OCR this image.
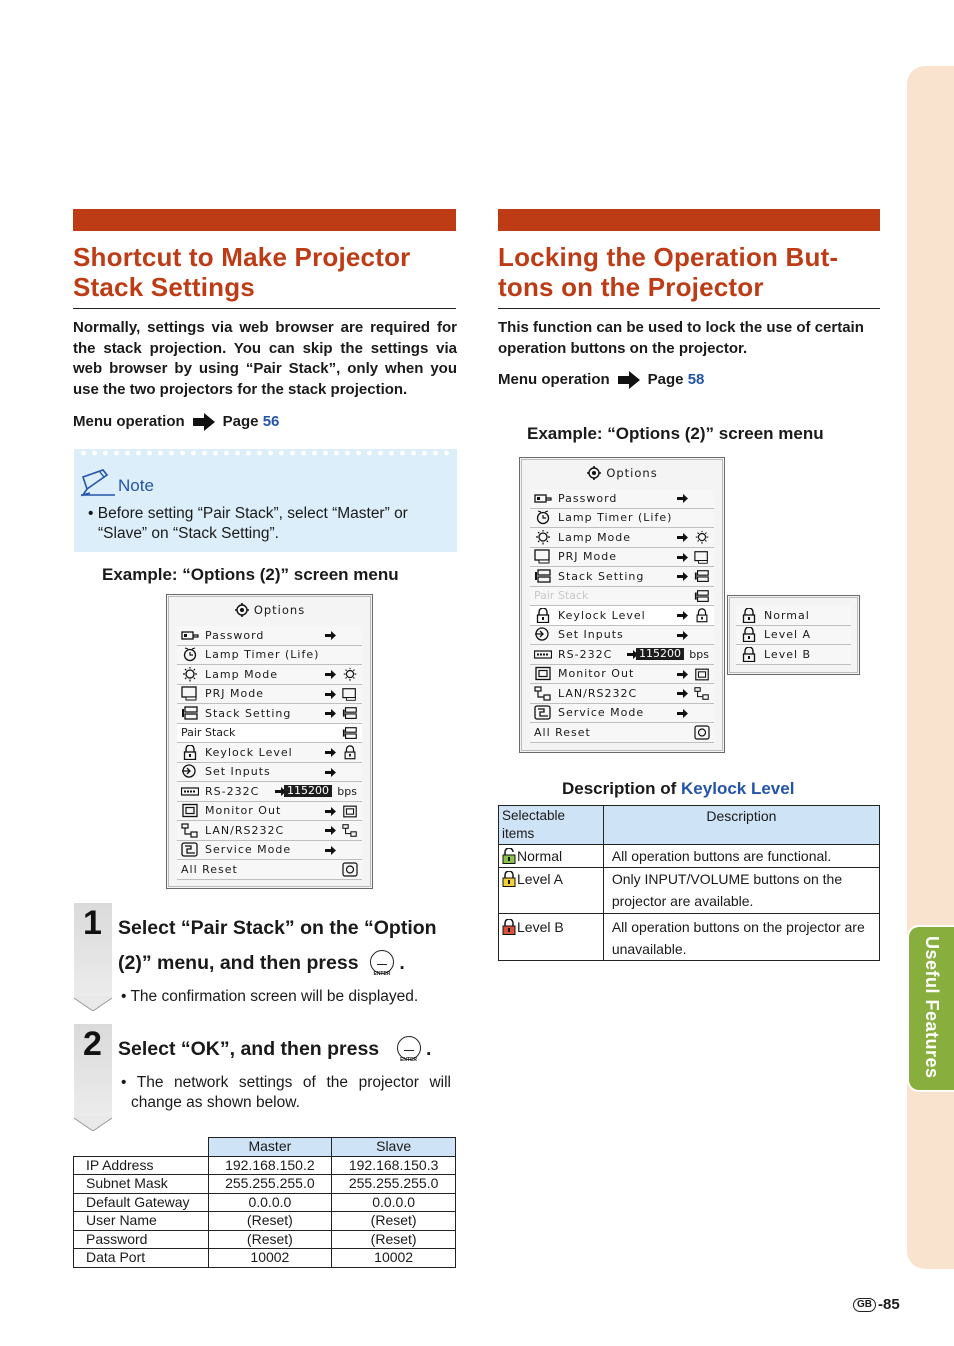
Shortcut to Make Projector
Stack Settings
Normally, settings via web browser are required for the stack projection. You can skip the settings via web browser by using “Pair Stack”, only when you use the two projectors for the stack projection.
Menu operation	Page
56
Note
• Before setting “Pair Stack”, select “Master” or “Slave” on “Stack Setting”.
Example: “Options (2)” screen menu
Options
Password
Lamp Timer (Life)
Lamp Mode
PRJ Mode
Stack Setting
Pair Stack
Keylock Level
Set Inputs
RS-232C	115200 bps
Monitor Out
LAN/RS232C
Service Mode
All Reset
1 Select “Pair Stack” on the “Option
(2)” menu, and then press	ENTER .
• The confirmation screen will be displayed.
2 Select “OK”, and then press	ENTER .
• The network settings of the projector will change as shown below.
	Master	Slave
IP Address	192.168.150.2	192.168.150.3
Subnet Mask	255.255.255.0	255.255.255.0
Default Gateway	0.0.0.0	0.0.0.0
User Name	(Reset)	(Reset)
Password	(Reset)	(Reset)
Data Port	10002	10002
Locking the Operation But-
tons on the Projector
This function can be used to lock the use of certain operation buttons on the projector.
Menu operation	Page
58
Example: “Options (2)” screen menu
Options
Password
Lamp Timer (Life)
Lamp Mode
PRJ Mode
Stack Setting
Pair Stack
Keylock Level
Set Inputs
RS-232C 115200 bps
Monitor Out
LAN/RS232C
Service Mode
All Reset
Normal
Level A
Level B
Description of Keylock Level
Selectable items	Description
Normal	All operation buttons are functional.
Level A	Only INPUT/VOLUME buttons on the projector are available.
Level B	All operation buttons on the projector are unavailable.	Useful Features
GB -85
